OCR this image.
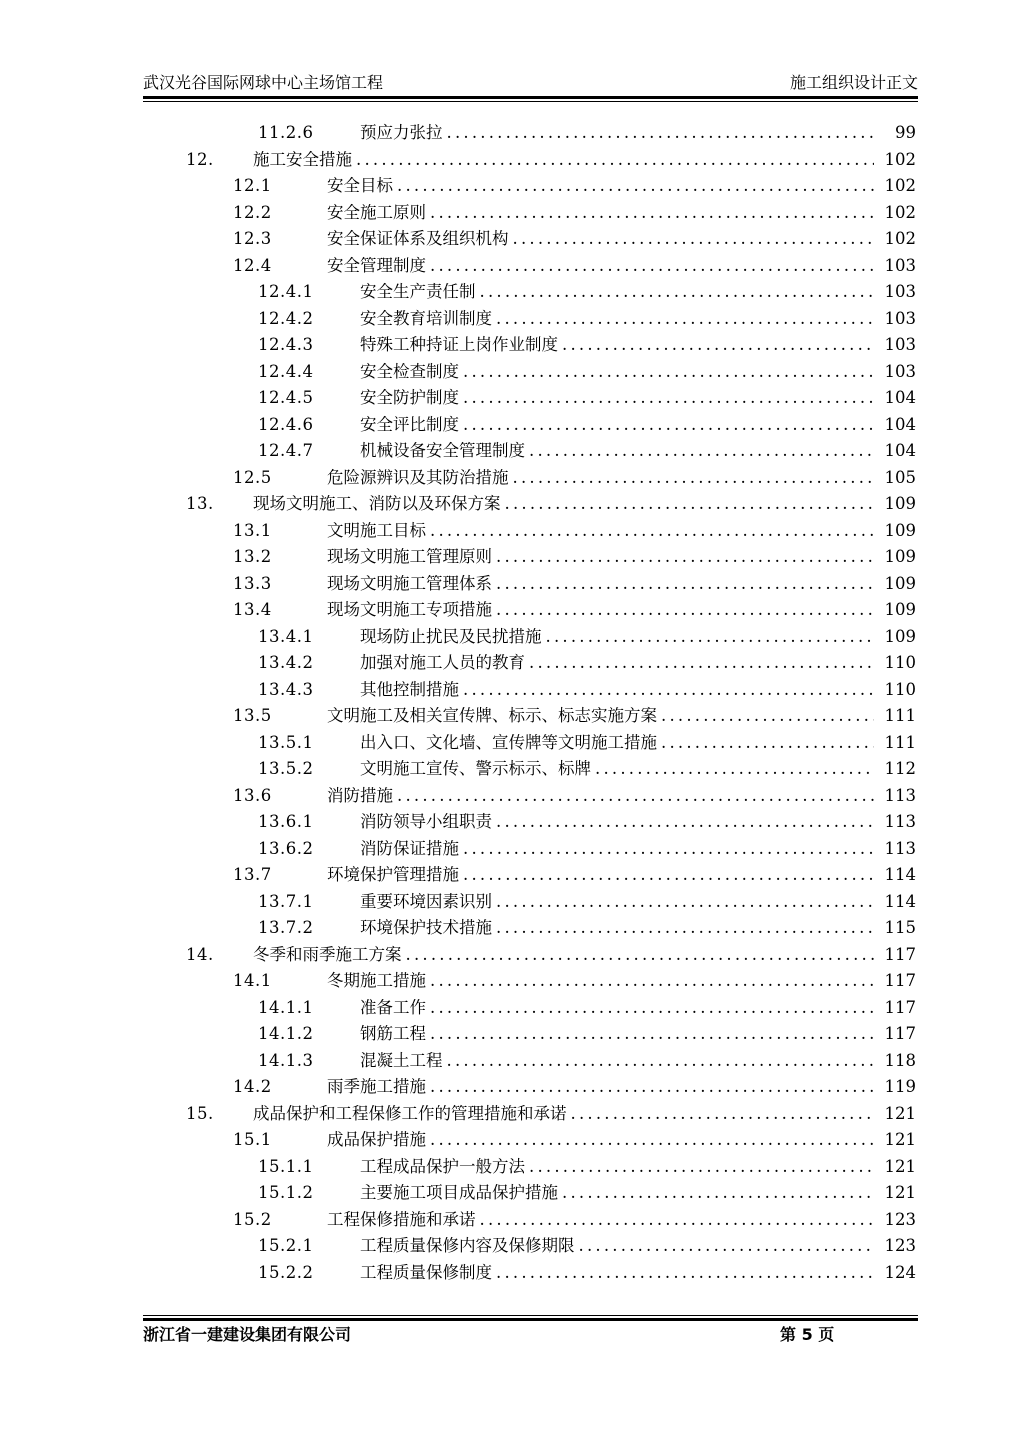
武汉光谷国际网球中心主场馆工程	施工组织设计正文
11.2.6	预应力张拉 .....	99
12. 施工安全措施 .....	102
12.1	安全目标 .....	102
12.2	安全施工原则 .....	102
12.3	安全保证体系及组织机构 .....	102
12.4	安全管理制度 .....	103
12.4.1	安全生产责任制 .....	103
12.4.2	安全教育培训制度 .....	103
12.4.3	特殊工种持证上岗作业制度 .....	103
12.4.4	安全检查制度 .....	103
12.4.5	安全防护制度 .....	104
12.4.6	安全评比制度 .....	104
12.4.7	机械设备安全管理制度 .....	104
12.5	危险源辨识及其防治措施 .....	105
13. 现场文明施工、消防以及环保方案 .....	109
13.1	文明施工目标 .....	109
13.2	现场文明施工管理原则 .....	109
13.3	现场文明施工管理体系 .....	109
13.4	现场文明施工专项措施 .....	109
13.4.1	现场防止扰民及民扰措施 .....	109
13.4.2	加强对施工人员的教育 .....	110
13.4.3	其他控制措施 .....	110
13.5	文明施工及相关宣传牌、标示、标志实施方案 .....	111
13.5.1	出入口、文化墙、宣传牌等文明施工措施 .....	111
13.5.2	文明施工宣传、警示标示、标牌 .....	112
13.6	消防措施 .....	113
13.6.1	消防领导小组职责 .....	113
13.6.2	消防保证措施 .....	113
13.7	环境保护管理措施 .....	114
13.7.1	重要环境因素识别 .....	114
13.7.2	环境保护技术措施 .....	115
14. 冬季和雨季施工方案 .....	117
14.1	冬期施工措施 .....	117
14.1.1	准备工作 .....	117
14.1.2	钢筋工程 .....	117
14.1.3	混凝土工程 .....	118
14.2	雨季施工措施 .....	119
15. 成品保护和工程保修工作的管理措施和承诺 .....	121
15.1	成品保护措施 .....	121
15.1.1	工程成品保护一般方法 .....	121
15.1.2	主要施工项目成品保护措施 .....	121
15.2	工程保修措施和承诺 .....	123
15.2.1	工程质量保修内容及保修期限 .....	123
15.2.2	工程质量保修制度 .....	124
浙江省一建建设集团有限公司	第 5 页
